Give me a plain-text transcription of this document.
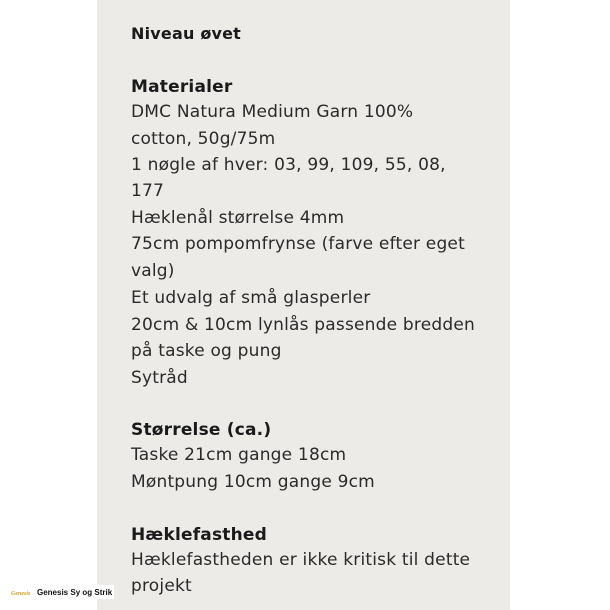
Niveau øvet
Materialer
DMC Natura Medium Garn 100%
cotton, 50g/75m
1 nøgle af hver: 03, 99, 109, 55, 08,
177
Hæklenål størrelse 4mm
75cm pompomfrynse (farve efter eget
valg)
Et udvalg af små glasperler
20cm & 10cm lynlås passende bredden
på taske og pung
Sytråd
Størrelse (ca.)
Taske 21cm gange 18cm
Møntpung 10cm gange 9cm
Hæklefasthed
Hæklefastheden er ikke kritisk til dette
projekt
Genesis Genesis Sy og Strik
